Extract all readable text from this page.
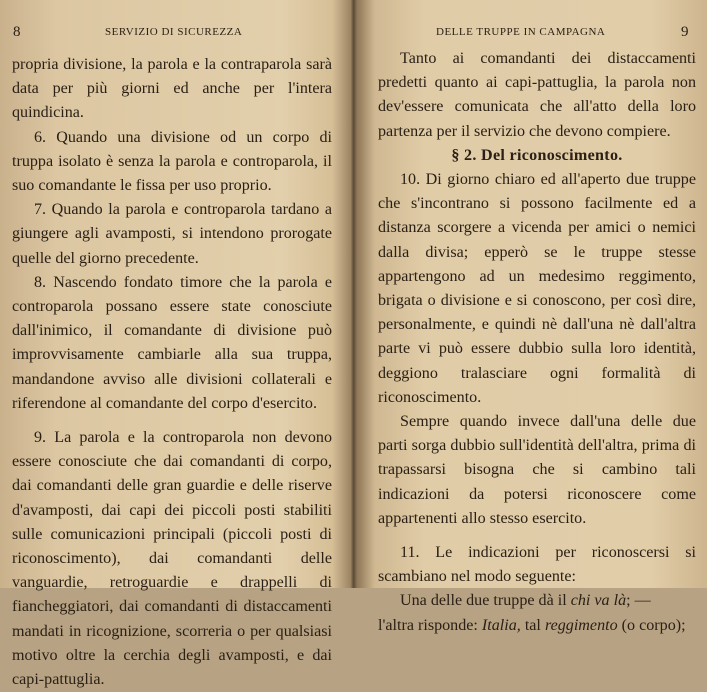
8	SERVIZIO DI SICUREZZA

propria divisione, la parola e la contraparola sarà data per più giorni ed anche per l'intera quindicina.

6. Quando una divisione od un corpo di truppa isolato è senza la parola e controparola, il suo comandante le fissa per uso proprio.

7. Quando la parola e controparola tardano a giungere agli avamposti, si intendono prorogate quelle del giorno precedente.

8. Nascendo fondato timore che la parola e controparola possano essere state conosciute dall'inimico, il comandante di divisione può improvvisamente cambiarle alla sua truppa, mandandone avviso alle divisioni collaterali e riferendone al comandante del corpo d'esercito.

9. La parola e la controparola non devono essere conosciute che dai comandanti di corpo, dai comandanti delle gran guardie e delle riserve d'avamposti, dai capi dei piccoli posti stabiliti sulle comunicazioni principali (piccoli posti di riconoscimento), dai comandanti delle vanguardie, retroguardie e drappelli di fiancheggiatori, dai comandanti di distaccamenti mandati in ricognizione, scorreria o per qualsiasi motivo oltre la cerchia degli avamposti, e dai capi-pattuglia.

DELLE TRUPPE IN CAMPAGNA	9

Tanto ai comandanti dei distaccamenti predetti quanto ai capi-pattuglia, la parola non dev'essere comunicata che all'atto della loro partenza per il servizio che devono compiere.

§ 2. Del riconoscimento.

10. Di giorno chiaro ed all'aperto due truppe che s'incontrano si possono facilmente ed a distanza scorgere a vicenda per amici o nemici dalla divisa; epperò se le truppe stesse appartengono ad un medesimo reggimento, brigata o divisione e si conoscono, per così dire, personalmente, e quindi nè dall'una nè dall'altra parte vi può essere dubbio sulla loro identità, deggiono tralasciare ogni formalità di riconoscimento.

Sempre quando invece dall'una delle due parti sorga dubbio sull'identità dell'altra, prima di trapassarsi bisogna che si cambino tali indicazioni da potersi riconoscere come appartenenti allo stesso esercito.

11. Le indicazioni per riconoscersi si scambiano nel modo seguente:

Una delle due truppe dà il chi va là; —
l'altra risponde: Italia, tal reggimento (o corpo);
